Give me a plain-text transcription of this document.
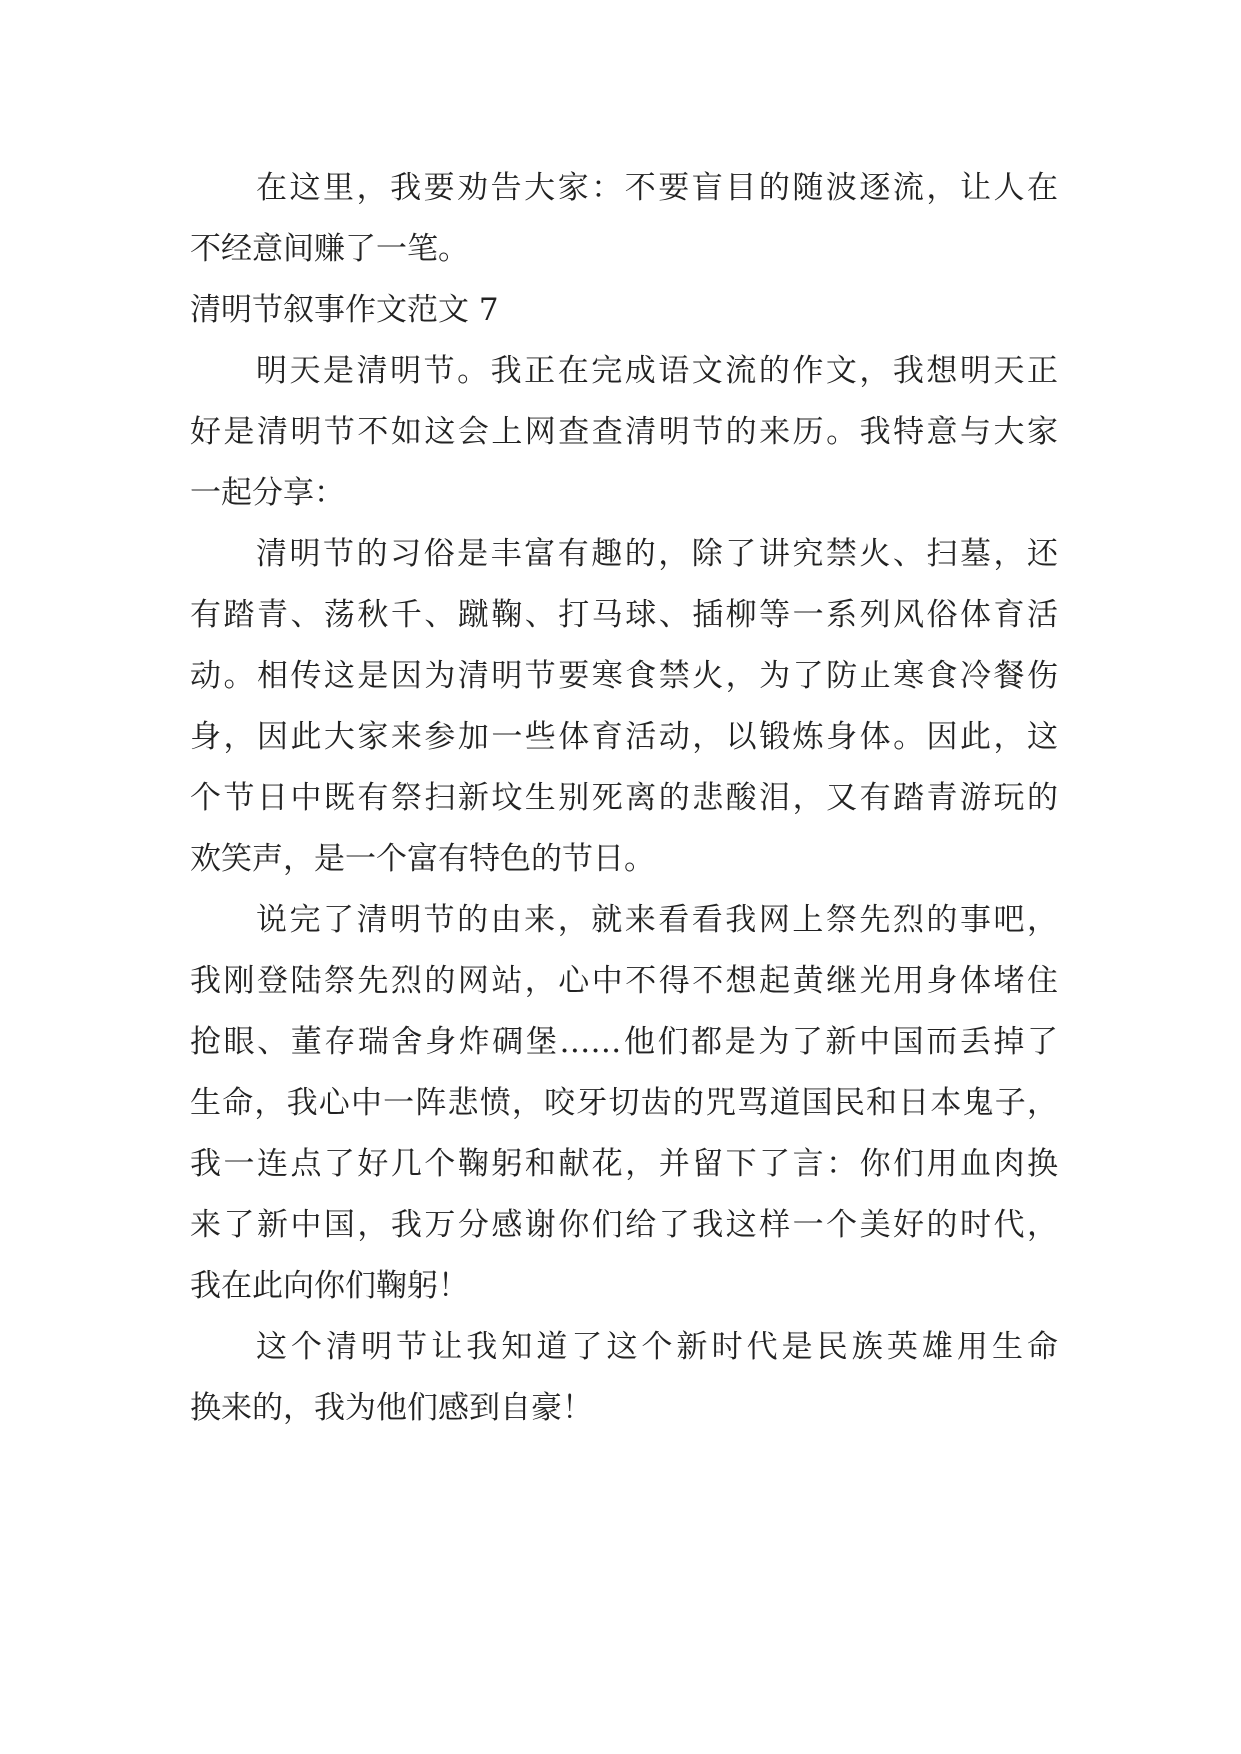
在这里，我要劝告大家：不要盲目的随波逐流，让人在
不经意间赚了一笔。
清明节叙事作文范文 7
明天是清明节。我正在完成语文流的作文，我想明天正
好是清明节不如这会上网查查清明节的来历。我特意与大家
一起分享：
清明节的习俗是丰富有趣的，除了讲究禁火、扫墓，还
有踏青、荡秋千、蹴鞠、打马球、插柳等一系列风俗体育活
动。相传这是因为清明节要寒食禁火，为了防止寒食冷餐伤
身，因此大家来参加一些体育活动，以锻炼身体。因此，这
个节日中既有祭扫新坟生别死离的悲酸泪，又有踏青游玩的
欢笑声，是一个富有特色的节日。
说完了清明节的由来，就来看看我网上祭先烈的事吧，
我刚登陆祭先烈的网站，心中不得不想起黄继光用身体堵住
抢眼、董存瑞舍身炸碉堡……他们都是为了新中国而丢掉了
生命，我心中一阵悲愤，咬牙切齿的咒骂道国民和日本鬼子，
我一连点了好几个鞠躬和献花，并留下了言：你们用血肉换
来了新中国，我万分感谢你们给了我这样一个美好的时代，
我在此向你们鞠躬！
这个清明节让我知道了这个新时代是民族英雄用生命
换来的，我为他们感到自豪！
